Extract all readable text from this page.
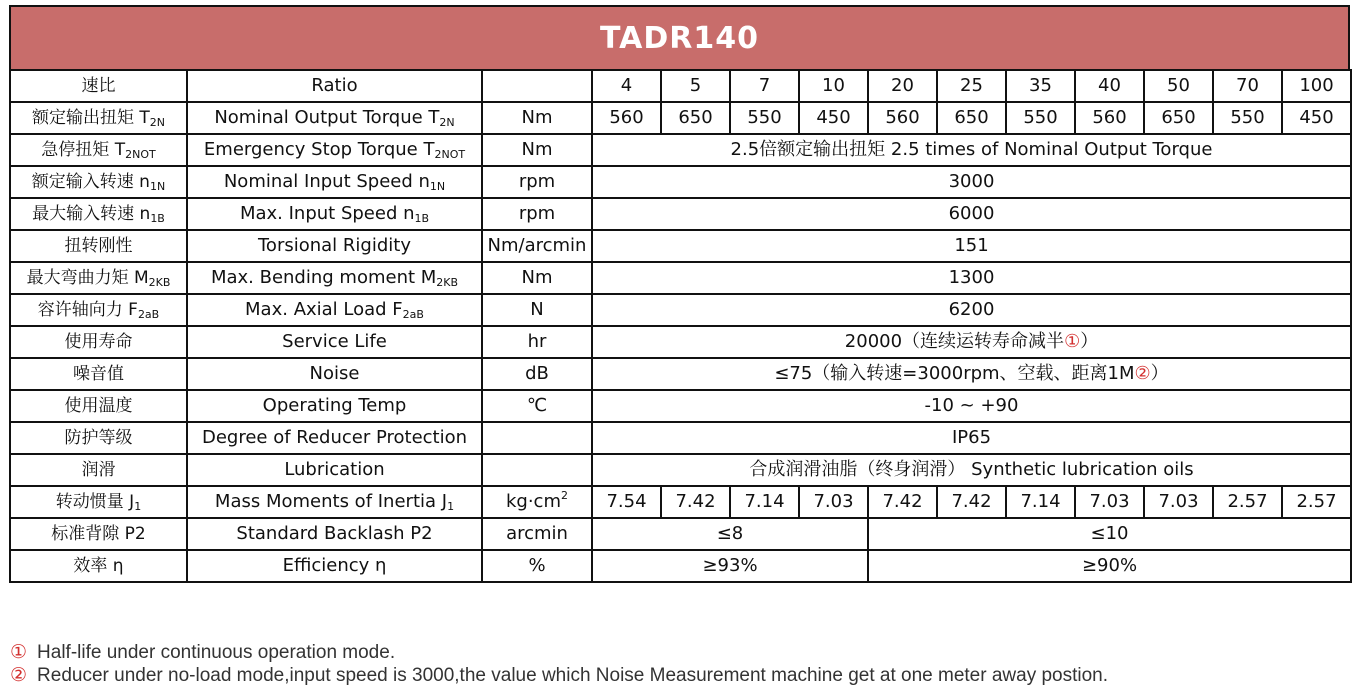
TADR140
速比	Ratio		4	5	7	10	20	25	35	40	50	70	100
额定输出扭矩 $T_{2N}$	Nominal Output Torque $T_{2N}$	Nm	560	650	550	450	560	650	550	560	650	550	450
急停扭矩 $T_{2NOT}$	Emergency Stop Torque $T_{2NOT}$	Nm	2.5倍额定输出扭矩 2.5 times of Nominal Output Torque										
额定输入转速 $n_{1N}$	Nominal Input Speed $n_{1N}$	rpm	3000										
最大输入转速 $n_{1B}$	Max. Input Speed $n_{1B}$	rpm	6000										
扭转刚性	Torsional Rigidity	Nm/arcmin	151										
最大弯曲力矩 $M_{2KB}$	Max. Bending moment $M_{2KB}$	Nm	1300										
容许轴向力 $F_{2aB}$	Max. Axial Load $F_{2aB}$	N	6200										
使用寿命	Service Life	hr	20000（连续运转寿命减半①）										
噪音值	Noise	dB	≤75（输入转速=3000rpm、空载、距离1M②）										
使用温度	Operating Temp	℃	-10 ~ +90										
防护等级	Degree of Reducer Protection		IP65										
润滑	Lubrication		合成润滑油脂（终身润滑） Synthetic lubrication oils										
转动惯量 $J_1$	Mass Moments of Inertia $J_1$	$kg\cdot cm^2$	7.54	7.42	7.14	7.03	7.42	7.42	7.14	7.03	7.03	2.57	2.57
标准背隙 P2	Standard Backlash P2	arcmin	≤8				≤10						
效率 η	Efficiency η	%	≥93%				≥90%						
① Half-life under continuous operation mode.
② Reducer under no-load mode,input speed is 3000,the value which Noise Measurement machine get at one meter away postion.
